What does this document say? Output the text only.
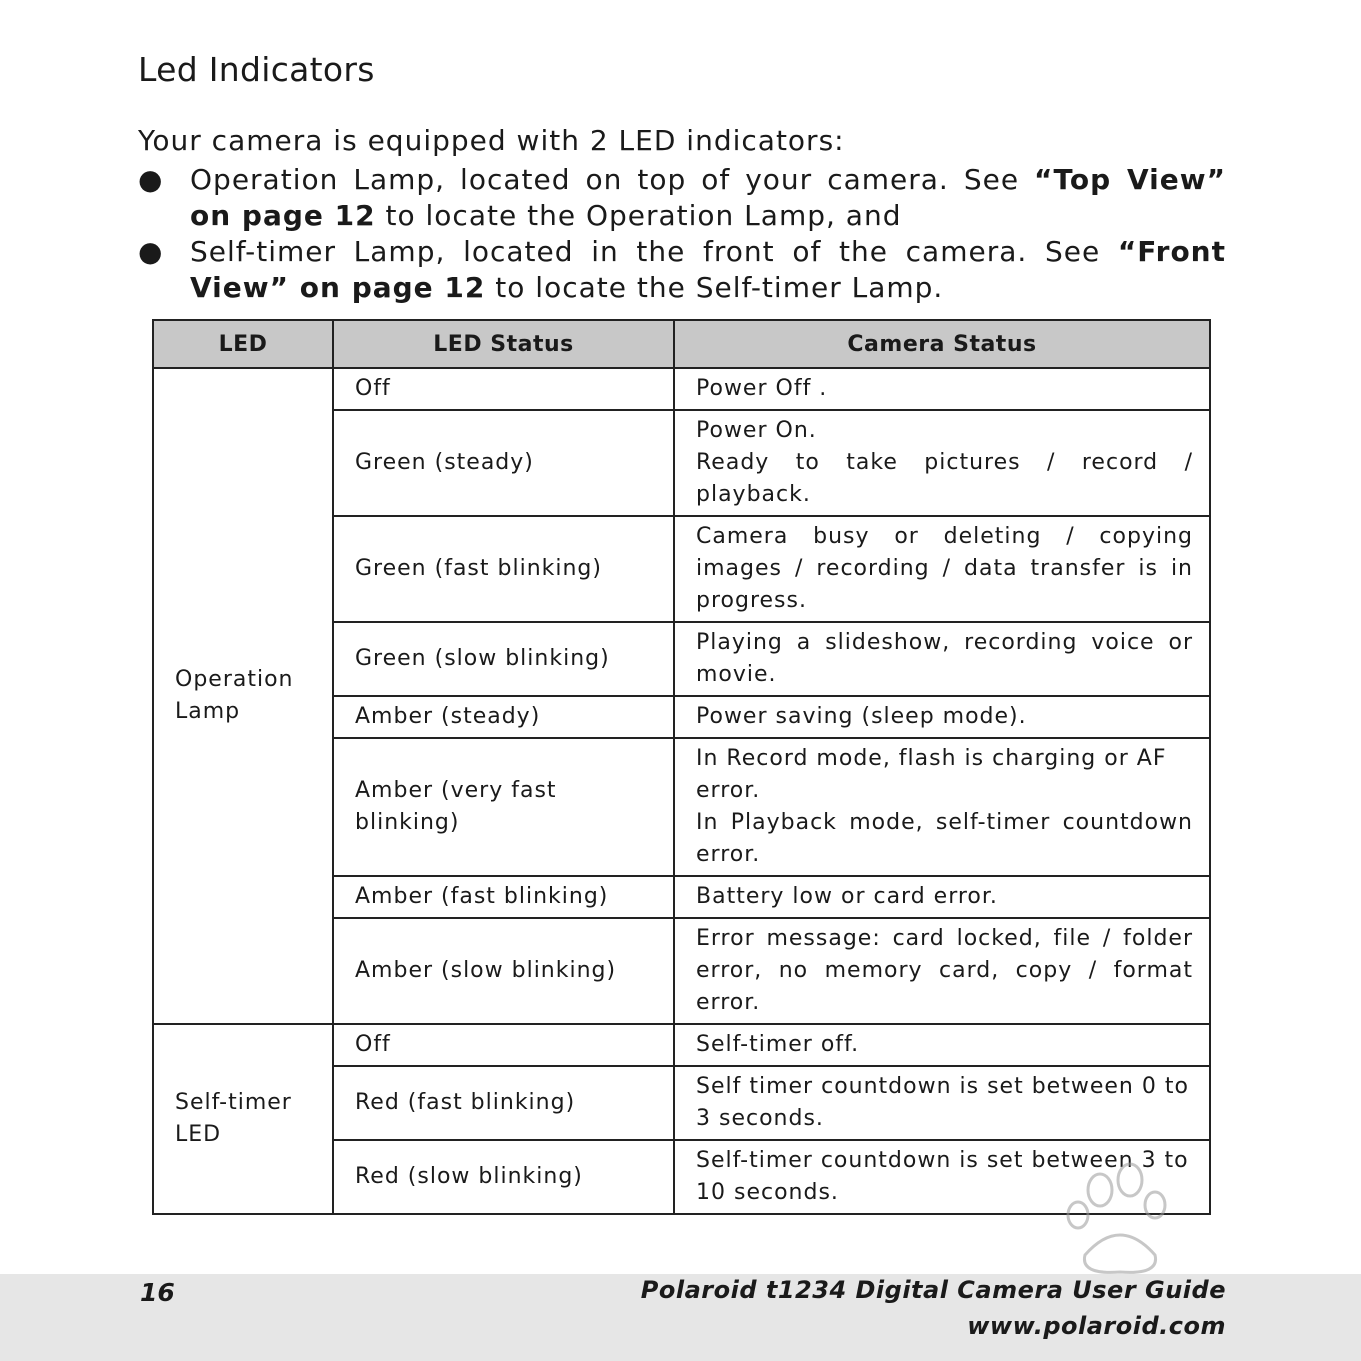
Led Indicators
Your camera is equipped with 2 LED indicators:
● Operation Lamp, located on top of your camera. See “Top View” on page 12 to locate the Operation Lamp, and
● Self-timer Lamp, located in the front of the camera. See “Front View” on page 12 to locate the Self-timer Lamp.
LED	LED Status	Camera Status

Operation
Lamp	Off	Power Off .
	Green (steady)	Power On.
Ready to take pictures / record / playback.

	Green (fast blinking)	Camera busy or deleting / copying images / recording / data transfer is in progress.
	Green (slow blinking)	Playing a slideshow, recording voice or movie.
	Amber (steady)	Power saving (sleep mode).
	Amber (very fast blinking)	In Record mode, flash is charging or AF error.
In Playback mode, self-timer countdown error.

	Amber (fast blinking)	Battery low or card error.
	Amber (slow blinking)	Error message: card locked, file / folder error, no memory card, copy / format error.

Self-timer
LED	Off	Self-timer off.
	Red (fast blinking)	Self timer countdown is set between 0 to 3 seconds.
	Red (slow blinking)	Self-timer countdown is set between 3 to 10 seconds.
16	Polaroid t1234 Digital Camera User Guide
www.polaroid.com
